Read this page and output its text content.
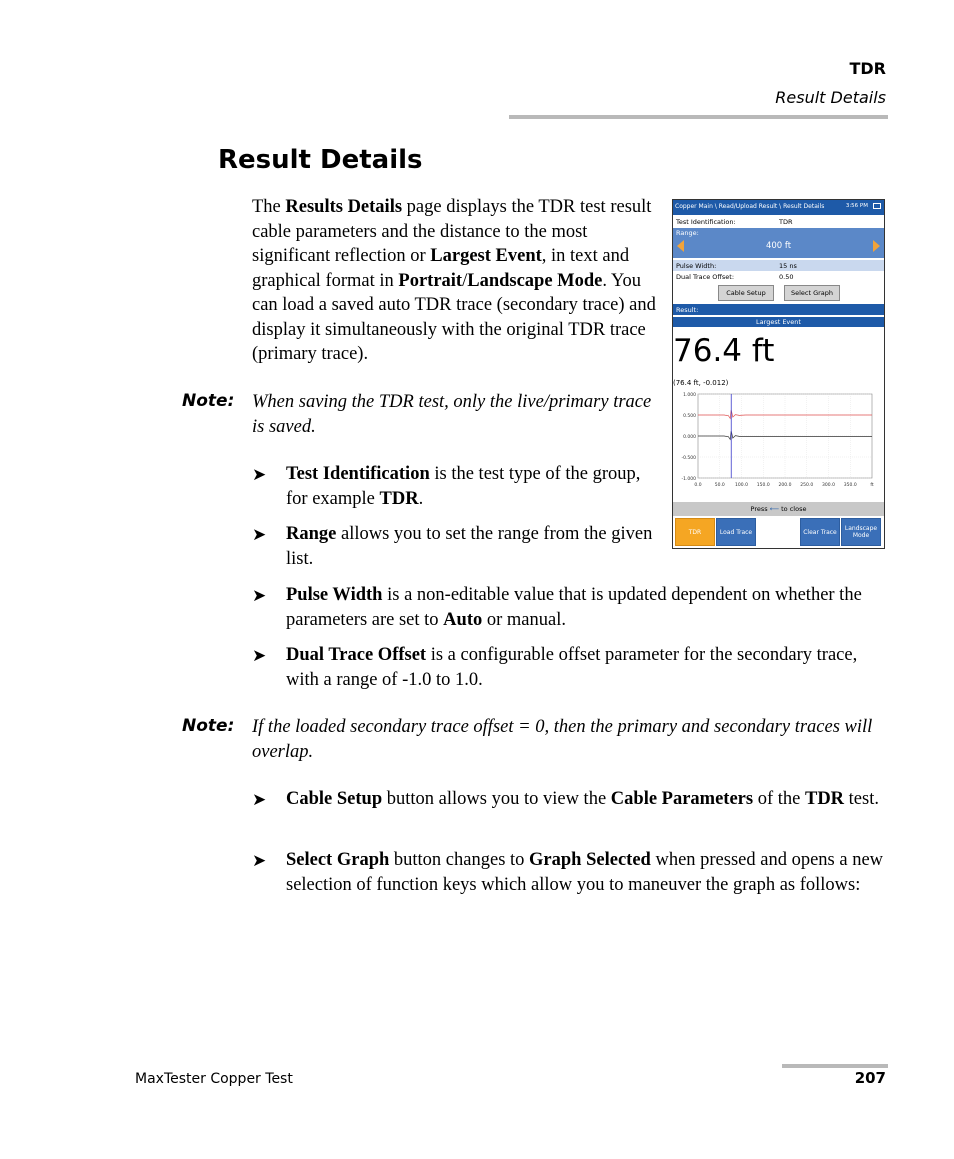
TDR
Result Details
Result Details
The Results Details page displays the TDR test result cable parameters and the distance to the most significant reflection or Largest Event, in text and graphical format in Portrait/Landscape Mode. You can load a saved auto TDR trace (secondary trace) and display it simultaneously with the original TDR trace (primary trace).
Note: When saving the TDR test, only the live/primary trace is saved.
➤ Test Identification is the test type of the group, for example TDR.
➤ Range allows you to set the range from the given list.
➤ Pulse Width is a non-editable value that is updated dependent on whether the parameters are set to Auto or manual.
➤ Dual Trace Offset is a configurable offset parameter for the secondary trace, with a range of -1.0 to 1.0.
Note: If the loaded secondary trace offset = 0, then the primary and secondary traces will overlap.
➤ Cable Setup button allows you to view the Cable Parameters of the TDR test.
➤ Select Graph button changes to Graph Selected when pressed and opens a new selection of function keys which allow you to maneuver the graph as follows:
Copper Main \ Read/Upload Result \ Result Details	3:56 PM
Test Identification:	TDR
Range:
400 ft
Pulse Width:	15 ns
Dual Trace Offset:	0.50
Cable Setup	Select Graph
Result:
Largest Event
76.4 ft
(76.4 ft, -0.012)
1.000
0.500
0.000
-0.500
-1.000
0.0	50.0 100.0 150.0 200.0 250.0 300.0 350.0	ft
Press ⟵ to close
TDR	Load Trace	Clear Trace	Landscape Mode
MaxTester Copper Test	207
